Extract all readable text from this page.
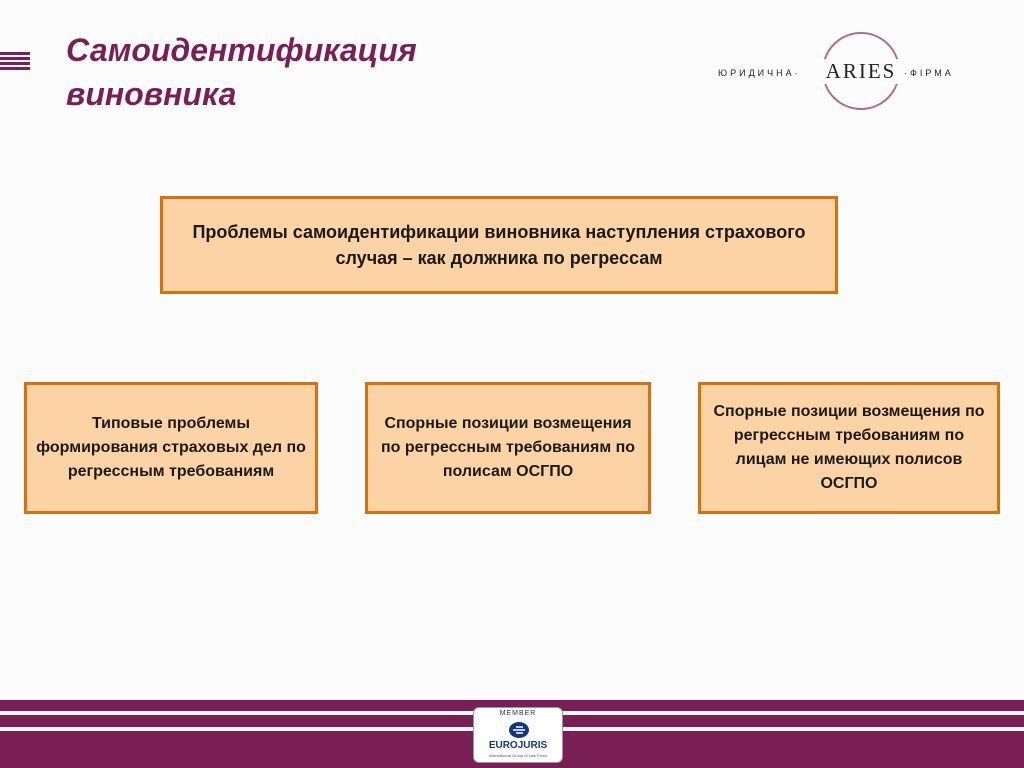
Самоидентификация
виновника
ЮРИДИЧНА· ARIES ·ФІРМА
Проблемы самоидентификации виновника наступления страхового случая – как должника по регрессам
Типовые проблемы формирования страховых дел по регрессным требованиям
Спорные позиции возмещения по регрессным требованиям по полисам ОСГПО
Спорные позиции возмещения по регрессным требованиям по лицам не имеющих полисов ОСГПО
MEMBER
EUROJURIS
International Group of Law Firms
